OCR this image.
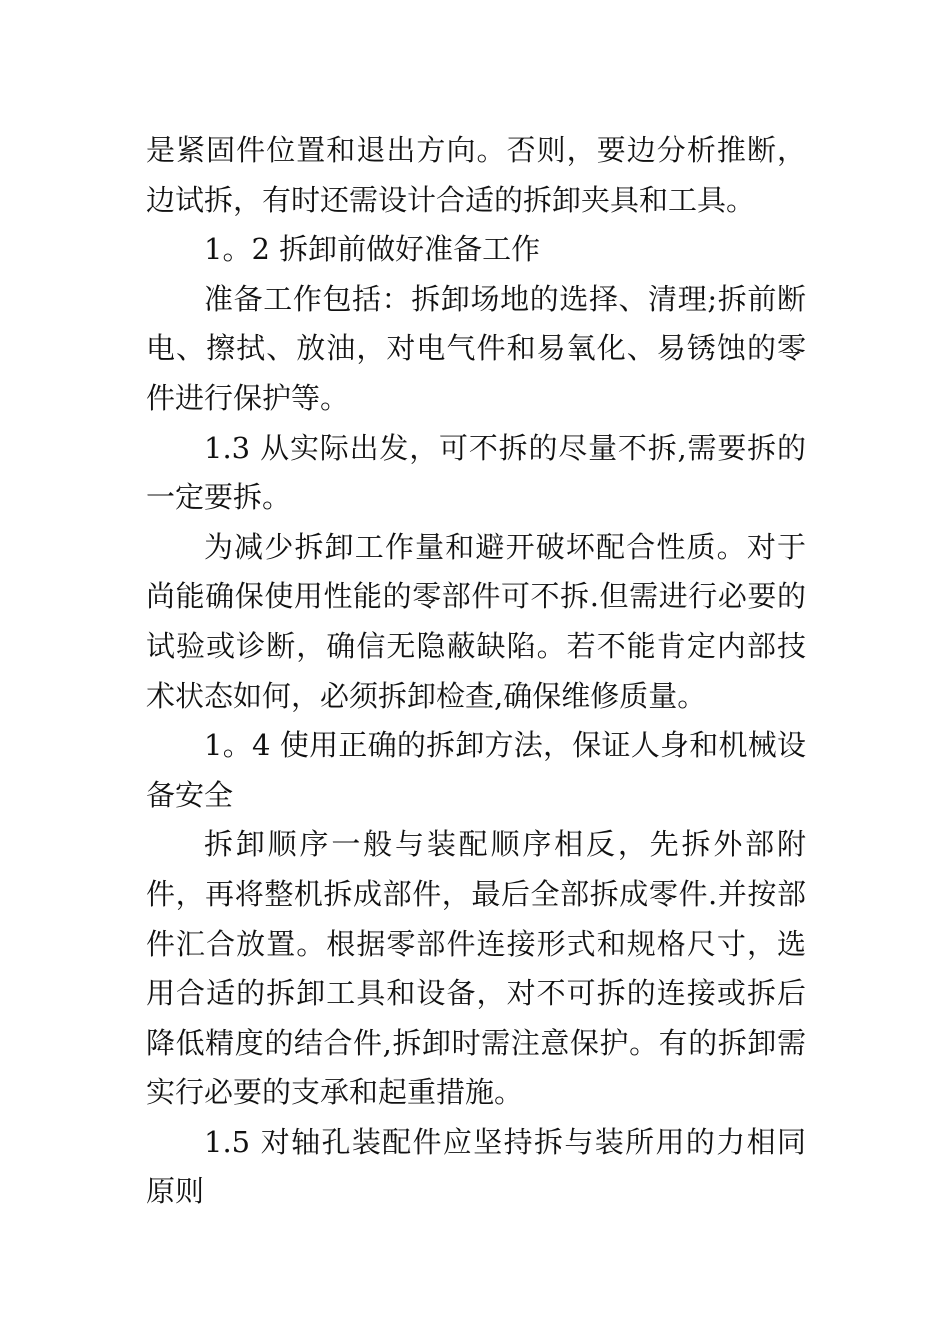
是紧固件位置和退出方向。否则，要边分析推断，边试拆，有时还需设计合适的拆卸夹具和工具。

1。2 拆卸前做好准备工作

准备工作包括：拆卸场地的选择、清理;拆前断电、擦拭、放油，对电气件和易氧化、易锈蚀的零件进行保护等。

1.3 从实际出发，可不拆的尽量不拆,需要拆的一定要拆。

为减少拆卸工作量和避开破坏配合性质。对于尚能确保使用性能的零部件可不拆.但需进行必要的试验或诊断，确信无隐蔽缺陷。若不能肯定内部技术状态如何，必须拆卸检查,确保维修质量。

1。4 使用正确的拆卸方法，保证人身和机械设备安全

拆卸顺序一般与装配顺序相反，先拆外部附件，再将整机拆成部件，最后全部拆成零件.并按部件汇合放置。根据零部件连接形式和规格尺寸，选用合适的拆卸工具和设备，对不可拆的连接或拆后降低精度的结合件,拆卸时需注意保护。有的拆卸需实行必要的支承和起重措施。

1.5 对轴孔装配件应坚持拆与装所用的力相同原则
